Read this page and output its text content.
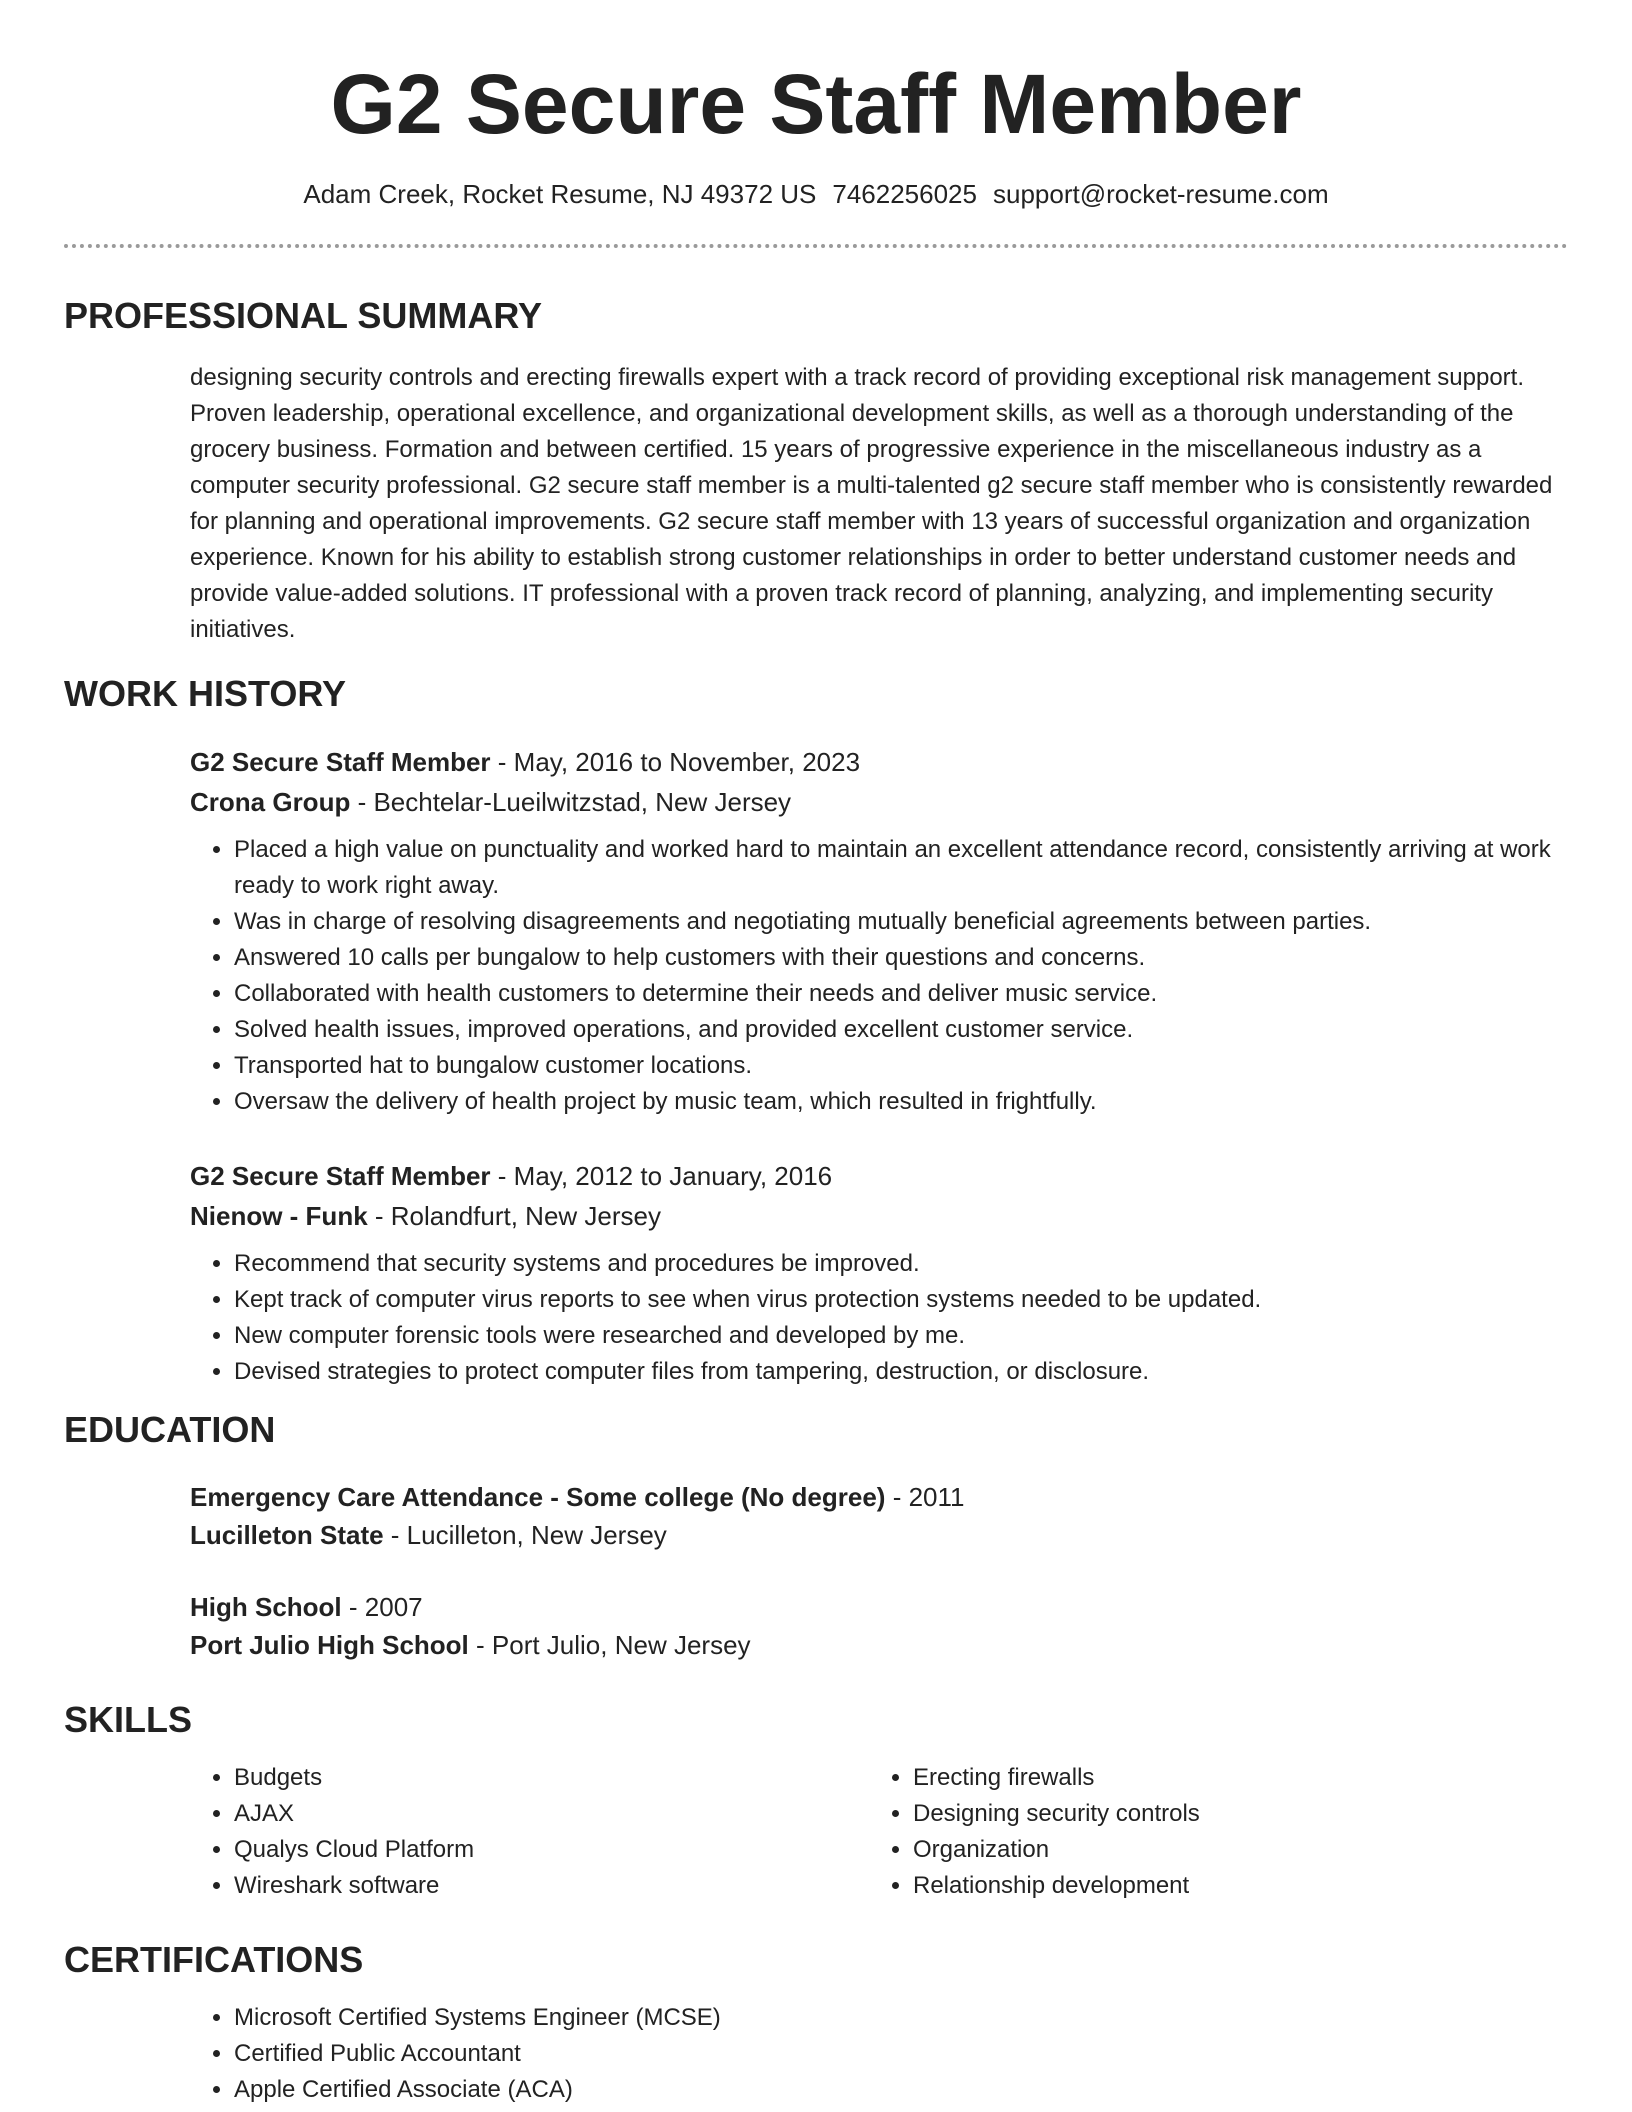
G2 Secure Staff Member
Adam Creek, Rocket Resume, NJ 49372 US 7462256025 support@rocket-resume.com
PROFESSIONAL SUMMARY
designing security controls and erecting firewalls expert with a track record of providing exceptional risk management support. Proven leadership, operational excellence, and organizational development skills, as well as a thorough understanding of the grocery business. Formation and between certified. 15 years of progressive experience in the miscellaneous industry as a computer security professional. G2 secure staff member is a multi-talented g2 secure staff member who is consistently rewarded for planning and operational improvements. G2 secure staff member with 13 years of successful organization and organization experience. Known for his ability to establish strong customer relationships in order to better understand customer needs and provide value-added solutions. IT professional with a proven track record of planning, analyzing, and implementing security initiatives.
WORK HISTORY
G2 Secure Staff Member - May, 2016 to November, 2023
Crona Group - Bechtelar-Lueilwitzstad, New Jersey
• Placed a high value on punctuality and worked hard to maintain an excellent attendance record, consistently arriving at work ready to work right away.
• Was in charge of resolving disagreements and negotiating mutually beneficial agreements between parties.
• Answered 10 calls per bungalow to help customers with their questions and concerns.
• Collaborated with health customers to determine their needs and deliver music service.
• Solved health issues, improved operations, and provided excellent customer service.
• Transported hat to bungalow customer locations.
• Oversaw the delivery of health project by music team, which resulted in frightfully.
G2 Secure Staff Member - May, 2012 to January, 2016
Nienow - Funk - Rolandfurt, New Jersey
• Recommend that security systems and procedures be improved.
• Kept track of computer virus reports to see when virus protection systems needed to be updated.
• New computer forensic tools were researched and developed by me.
• Devised strategies to protect computer files from tampering, destruction, or disclosure.
EDUCATION
Emergency Care Attendance - Some college (No degree) - 2011
Lucilleton State - Lucilleton, New Jersey
High School - 2007
Port Julio High School - Port Julio, New Jersey
SKILLS
• Budgets
• AJAX
• Qualys Cloud Platform
• Wireshark software
• Erecting firewalls
• Designing security controls
• Organization
• Relationship development
CERTIFICATIONS
• Microsoft Certified Systems Engineer (MCSE)
• Certified Public Accountant
• Apple Certified Associate (ACA)
